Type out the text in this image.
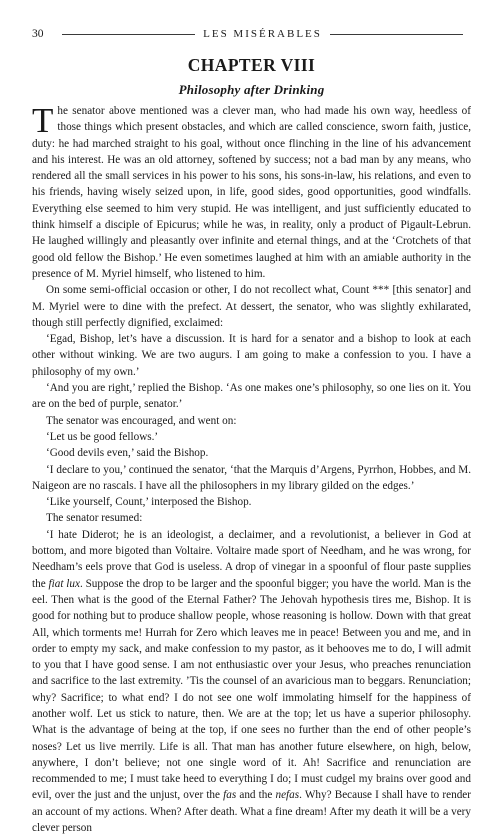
30	LES MISÉRABLES
CHAPTER VIII
Philosophy after Drinking

The senator above mentioned was a clever man, who had made his own way, heedless of those things which present obstacles, and which are called conscience, sworn faith, justice, duty: he had marched straight to his goal, without once flinching in the line of his advancement and his interest. He was an old attorney, softened by success; not a bad man by any means, who rendered all the small services in his power to his sons, his sons-in-law, his relations, and even to his friends, having wisely seized upon, in life, good sides, good opportunities, good windfalls. Everything else seemed to him very stupid. He was intelligent, and just sufficiently educated to think himself a disciple of Epicurus; while he was, in reality, only a product of Pigault-Lebrun. He laughed willingly and pleasantly over infinite and eternal things, and at the ‘Crotchets of that good old fellow the Bishop.’ He even sometimes laughed at him with an amiable authority in the presence of M. Myriel himself, who listened to him.

On some semi-official occasion or other, I do not recollect what, Count *** [this senator] and M. Myriel were to dine with the prefect. At dessert, the senator, who was slightly exhilarated, though still perfectly dignified, exclaimed:

‘Egad, Bishop, let’s have a discussion. It is hard for a senator and a bishop to look at each other without winking. We are two augurs. I am going to make a confession to you. I have a philosophy of my own.’

‘And you are right,’ replied the Bishop. ‘As one makes one’s philosophy, so one lies on it. You are on the bed of purple, senator.’

The senator was encouraged, and went on:

‘Let us be good fellows.’

‘Good devils even,’ said the Bishop.

‘I declare to you,’ continued the senator, ‘that the Marquis d’Argens, Pyrrhon, Hobbes, and M. Naigeon are no rascals. I have all the philosophers in my library gilded on the edges.’

‘Like yourself, Count,’ interposed the Bishop.

The senator resumed:

‘I hate Diderot; he is an ideologist, a declaimer, and a revolutionist, a believer in God at bottom, and more bigoted than Voltaire. Voltaire made sport of Needham, and he was wrong, for Needham’s eels prove that God is useless. A drop of vinegar in a spoonful of flour paste supplies the fiat lux. Suppose the drop to be larger and the spoonful bigger; you have the world. Man is the eel. Then what is the good of the Eternal Father? The Jehovah hypothesis tires me, Bishop. It is good for nothing but to produce shallow people, whose reasoning is hollow. Down with that great All, which torments me! Hurrah for Zero which leaves me in peace! Between you and me, and in order to empty my sack, and make confession to my pastor, as it behooves me to do, I will admit to you that I have good sense. I am not enthusiastic over your Jesus, who preaches renunciation and sacrifice to the last extremity. ’Tis the counsel of an avaricious man to beggars. Renunciation; why? Sacrifice; to what end? I do not see one wolf immolating himself for the happiness of another wolf. Let us stick to nature, then. We are at the top; let us have a superior philosophy. What is the advantage of being at the top, if one sees no further than the end of other people’s noses? Let us live merrily. Life is all. That man has another future elsewhere, on high, below, anywhere, I don’t believe; not one single word of it. Ah! Sacrifice and renunciation are recommended to me; I must take heed to everything I do; I must cudgel my brains over good and evil, over the just and the unjust, over the fas and the nefas. Why? Because I shall have to render an account of my actions. When? After death. What a fine dream! After my death it will be a very clever person
